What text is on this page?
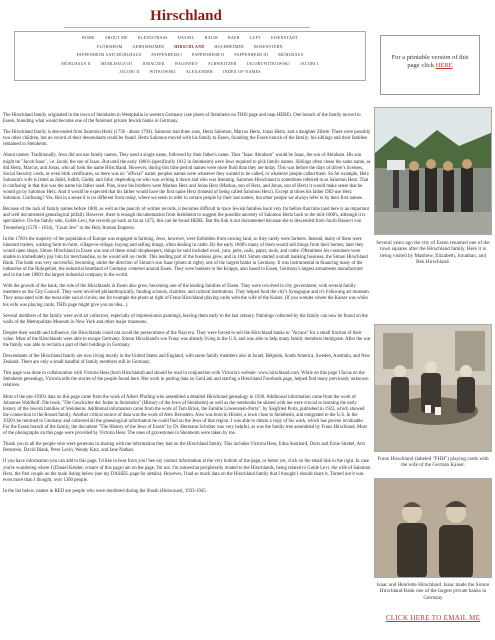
Hirschland
HOME	ABOUT ME	KLEINSTRASS	DASSEL	BAUM	BAER	LUFT	EISENSTÄDT
FLÖRSHEIM	GERNSHEIMER	HIRSCHLAND	HOCHHEIMER	ROSENSTERN
PAPPENHEIM AND MÜHLHAUS	PAPPENHEIM I	PAPPENHEIM II	PAPPENHEIM III	MÜHLHAUS
MÜHLHAUS II	MÜHLHAUS III	JORACZEK	RAGINSKY	SCHWEITZER	JACOBI/WITKOWSKI	JACOBI I
JACOBI II	WITKOWSKI	ALEXANDER	INDEX OF NAMES
For a printable version of this page click HERE

The Hirschland family originated in the town of Steinheim in Westphalia in western Germany (see photo of Steinheim on THIS page and map HERE). One branch of the family moved to Essen, founding what would become one of the foremost private Jewish banks in Germany.

The Hirschland family is descended from Salomon Hertz (1736 - about 1794). Salomon had three sons, Hertz Salomon, Marcus Hertz, Jonas Hertz, and a daughter Zibele. There were possibly two other children, but no record of their descendants could be found. Hertz Salomon moved with his family to Essen, founding the Essen branch of the family; his siblings and their families remained in Steinheim.

About names: Traditionally, Jews did not use family names. They used a single name, followed by their father's name. Thus "Isaac Abraham" would be Isaac, the son of Abraham. His son might be "Jacob Isaac", i.e. Jacob, the son of Isaac. But until the early 1800's (specifically 1812 in Steinheim) were Jews required to pick family names. Siblings often chose the same name, as did Hertz, Marcus, and Jonas, who all took the name Hirschland. However, during this time period names were more fluid than they are today. This was before the days of driver's licenses, Social Security cards, or even birth certificates, so there was no "official" name; peoples names were whatever they wanted to be called, or whatever people called them. So for example, Herz Salomon's wife is listed as Jüdel, Judith, Güdel, and Julie, depending on who was writing it down and who was listening. Salomon Hirschland is sometimes referred to as Salomon Herz. That is confusing in that this was the name his father used. Plus, since his brothers were Markus Herz and Jonas Herz (Markus, son of Herz, and Jonas, son of Herz) it would make sense that he would go by Salomon Herz. And it would be expected that his father would have the first name Herz (instead of being called Salomon Herz). Except at times his father DID use Herz Salomon. Confusing? Yes. But in a sense it is no different from today, where we seem to refer to certain people by their last names, but other people we always refer to by their first names.

Because of the lack of family names before 1800, as well as the paucity of written records, it becomes difficult to trace Jewish families back very far before that time (and here is an important and well documented genealogical pitfall). However, there is enough documentation from Steinheim to suggest the possible ancestry of Salomon Hertz back to the mid-1600's, although it is speculative. On the family side, Golde Levi, the records go back as far as 1475, this can be found HERE. But the link is not documented because she is descended from Jacob Bassevi von Treuenberg (1570 - 1634), "Court Jew" to the Holy Roman Emperor.

In the 1700's the majority of the population of Europe was engaged in farming. Jews, however, were forbidden from owning land, so they rarely were farmers. Instead, many of them were itinerant traders, walking farm-to-farm, village-to-village, buying and selling things, often dealing in cattle. By the early 1800's many of them would sell things from their homes; later they would open shops. Simon Hirschland in Essen was one of these small shopkeepers; things he sold included wool, yarn, pelts, nails, paper, tools, and cattle. Oftentimes his customers were unable to immediately pay him for merchandise, so he would sell on credit. This lending part of the business grew, and in 1841 Simon started a small banking business, the Simon Hirschland Bank. The bank was very successful, becoming, under the direction of Simon's son Isaac (photo at right), one of the largest banks in Germany. It was instrumental in financing many of the industries of the Ruhrgebiet, the industrial heartland of Germany centered around Essen. They were bankers to the Krupps, also based in Essen, Germany's largest armaments manufacturer and in the late 1800's the largest industrial company in the world.

With the growth of the bank, the role of the Hirschlands in Essen also grew, becoming one of the leading families of Essen. They were involved in city government, with several family members on the City Council. They were involved philanthropically, funding schools, charities, and cultural institutions. They helped fund the city's Synagogue and it's Folkwang art museum. They associated with the most elite social circles; see for example the photo at right of Franz Hirschland playing cards with the wife of the Kaiser. (If you wonder where the Kaiser was while his wife was playing cards, THIS page might give you an idea...)

Several members of the family were avid art collectors, especially of impressionist paintings, leaving them early to the last century. Paintings collected by the family can now be found on the walls of the Metropolitan Museum in New York and other major museums.

Despite their wealth and influence, the Hirschlands could not avoid the persecutions of the Nazi era. They were forced to sell the Hirschland banks to "Aryans" for a small fraction of their value. Most of the Hirschlands were able to escape Germany. Simon Hirschland's son Franz was already living in the U.S. and was able to help many family members immigrate. After the war the family was able to reclaim a part of their holdings in Germany.

Descendants of the Hirschland family are now living mostly in the United States and England, with some family members also in Israel, Belgium, South America, Sweden, Australia, and New Zealand. There are only a small handful of family members still in Germany.

This page was done in collaboration with Victoria Hess (born Hirschland) and should be read in conjunction with Victoria's website: www.hirschland.com. While on this page I focus on the Steinheim genealogy, Victoria tells the stories of the people found here. Her work in putting data on GenLink and starting a Hirschland Facebook page, helped find many previously unknown relatives.

Most of the pre-1930's data on this page came from the work of Albert Pfarling who assembled a detailed Hirschland genealogy in 1930. Additional information came from the work of Johannes Waldhoff: Die book, "Die Geschichte der Juden in Steinheim" (History of the Jews of Steinheim) as well as the notebooks he shared with me were crucial to learning the early history of the Jewish families of Steinheim. Additional information came from the work of Tom Brink, the Familie Löwenstein-Porta", by Siegfried Porta, published in 1922, which showed the connection to the Rosset family. Another critical source of data was the work of Alex Bernstein. Also was born in Höxter, a town close to Steinheim, and emigrated to the U.S. In the 1930's he returned to Germany and collected all the genealogical information he could find on the Jews of that region. I was able to obtain a copy of his work, which has proven invaluable. For the Essen branch of the family, the document "The History of the Jews of Essen" by Dr. Hermann Schröter was very helpful, as was the family tree assembled by Franz Hirschland. Most of the photographs on this page were provided by Victoria Hess. The ones of gravestones in Steinheim were taken by me.

Thank you to all the people who were generous in sharing with me information they had on the Hirschland family. This includes Victoria Hess, Edna Southard, Doris and Ernie Stiebel, Ariv Bernstein, David Blank, Peter Levin, Wendy Katz, and Jane Nathan.

If you have information you can add to this page, I'd like to hear from you! See my contact information at the very bottom of the page, or better yet, click on the email link to the right. In case you're wondering where I (Daniel Kestler, creator of this page) am on the page, I'm not. I'm somewhat peripherally related to the Hirschlands, being related to Golde Levi, the wife of Salomon Herz, the first couple on the main listing below (see my DASSEL page for details). However, I had so much data on the Hirschland family that I thought I should share it. Turned out it was even more than I thought, over 1300 people.

In the list below, names in RED are people who were murdered during the Shoah (Holocaust), 1933-1945.

Several years ago the city of Essen renamed one of the town squares after the Hirschland family. Here it is being visited by Matthew, Elizabeth, Jonathan, and Ben Hirschland.
Franz Hirschland (labeled "FHH") playing cards with the wife of the German Kaiser.
Isaac and Henriette Hirschland. Isaac made the Simon Hirschland Bank one of the largest private banks in Germany
CLICK HERE TO EMAIL ME
